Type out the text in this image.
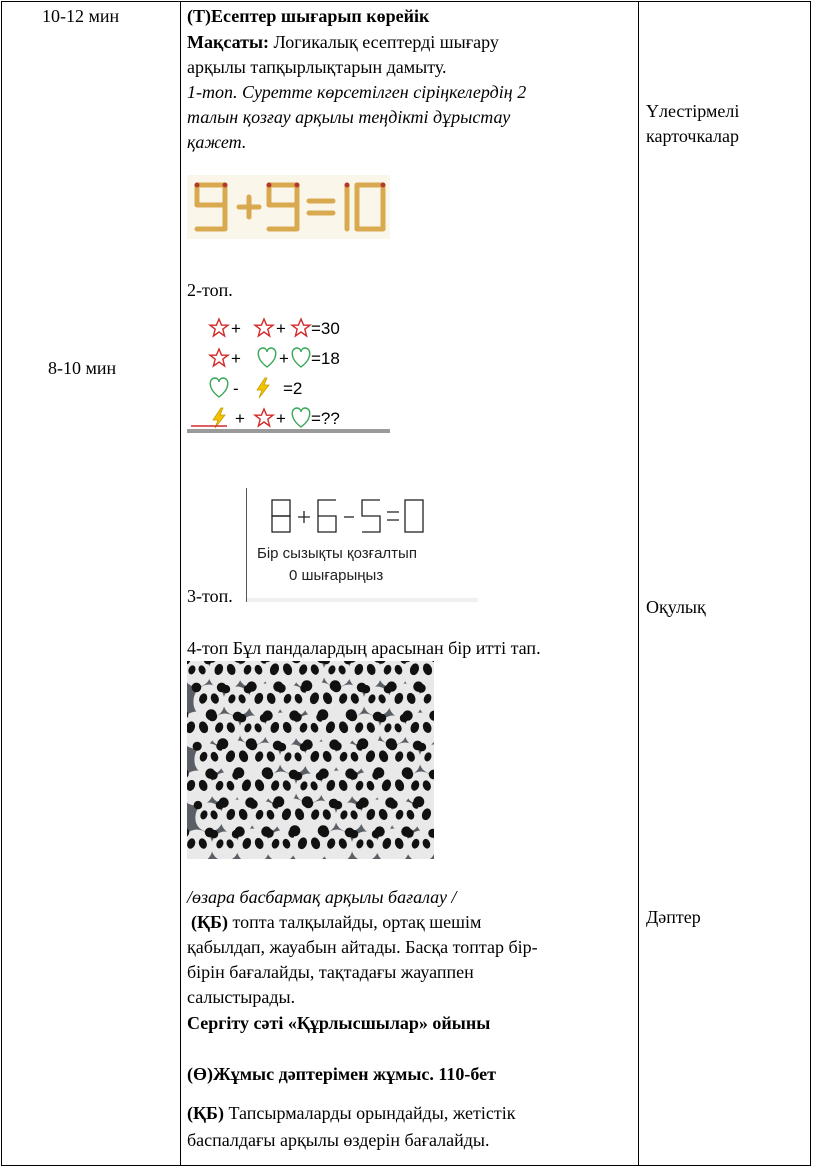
10-12 мин
8-10 мин
(Т)Есептер шығарып көрейік
Мақсаты: Логикалық есептерді шығару
арқылы тапқырлықтарын дамыту.
1-топ. Суретте көрсетілген сіріңкелердің 2
талын қозғау арқылы теңдікті дұрыстау
қажет.
2-топ.
+ + =30
+ + =18
-	=2
+ + =??
3-топ.
Бір сызықты қозғалтып
0 шығарыңыз
4-топ Бұл пандалардың арасынан бір итті тап.
/өзара басбармақ арқылы бағалау /
(ҚБ) топта талқылайды, ортақ шешім
қабылдап, жауабын айтады. Басқа топтар бір-
бірін бағалайды, тақтадағы жауаппен
салыстырады.
Сергіту сәті «Құрлысшылар» ойыны
(Ө)Жұмыс дәптерімен жұмыс. 110-бет
(ҚБ) Тапсырмаларды орындайды, жетістік
баспалдағы арқылы өздерін бағалайды.
Үлестірмелі
карточкалар
Оқулық
Дәптер
